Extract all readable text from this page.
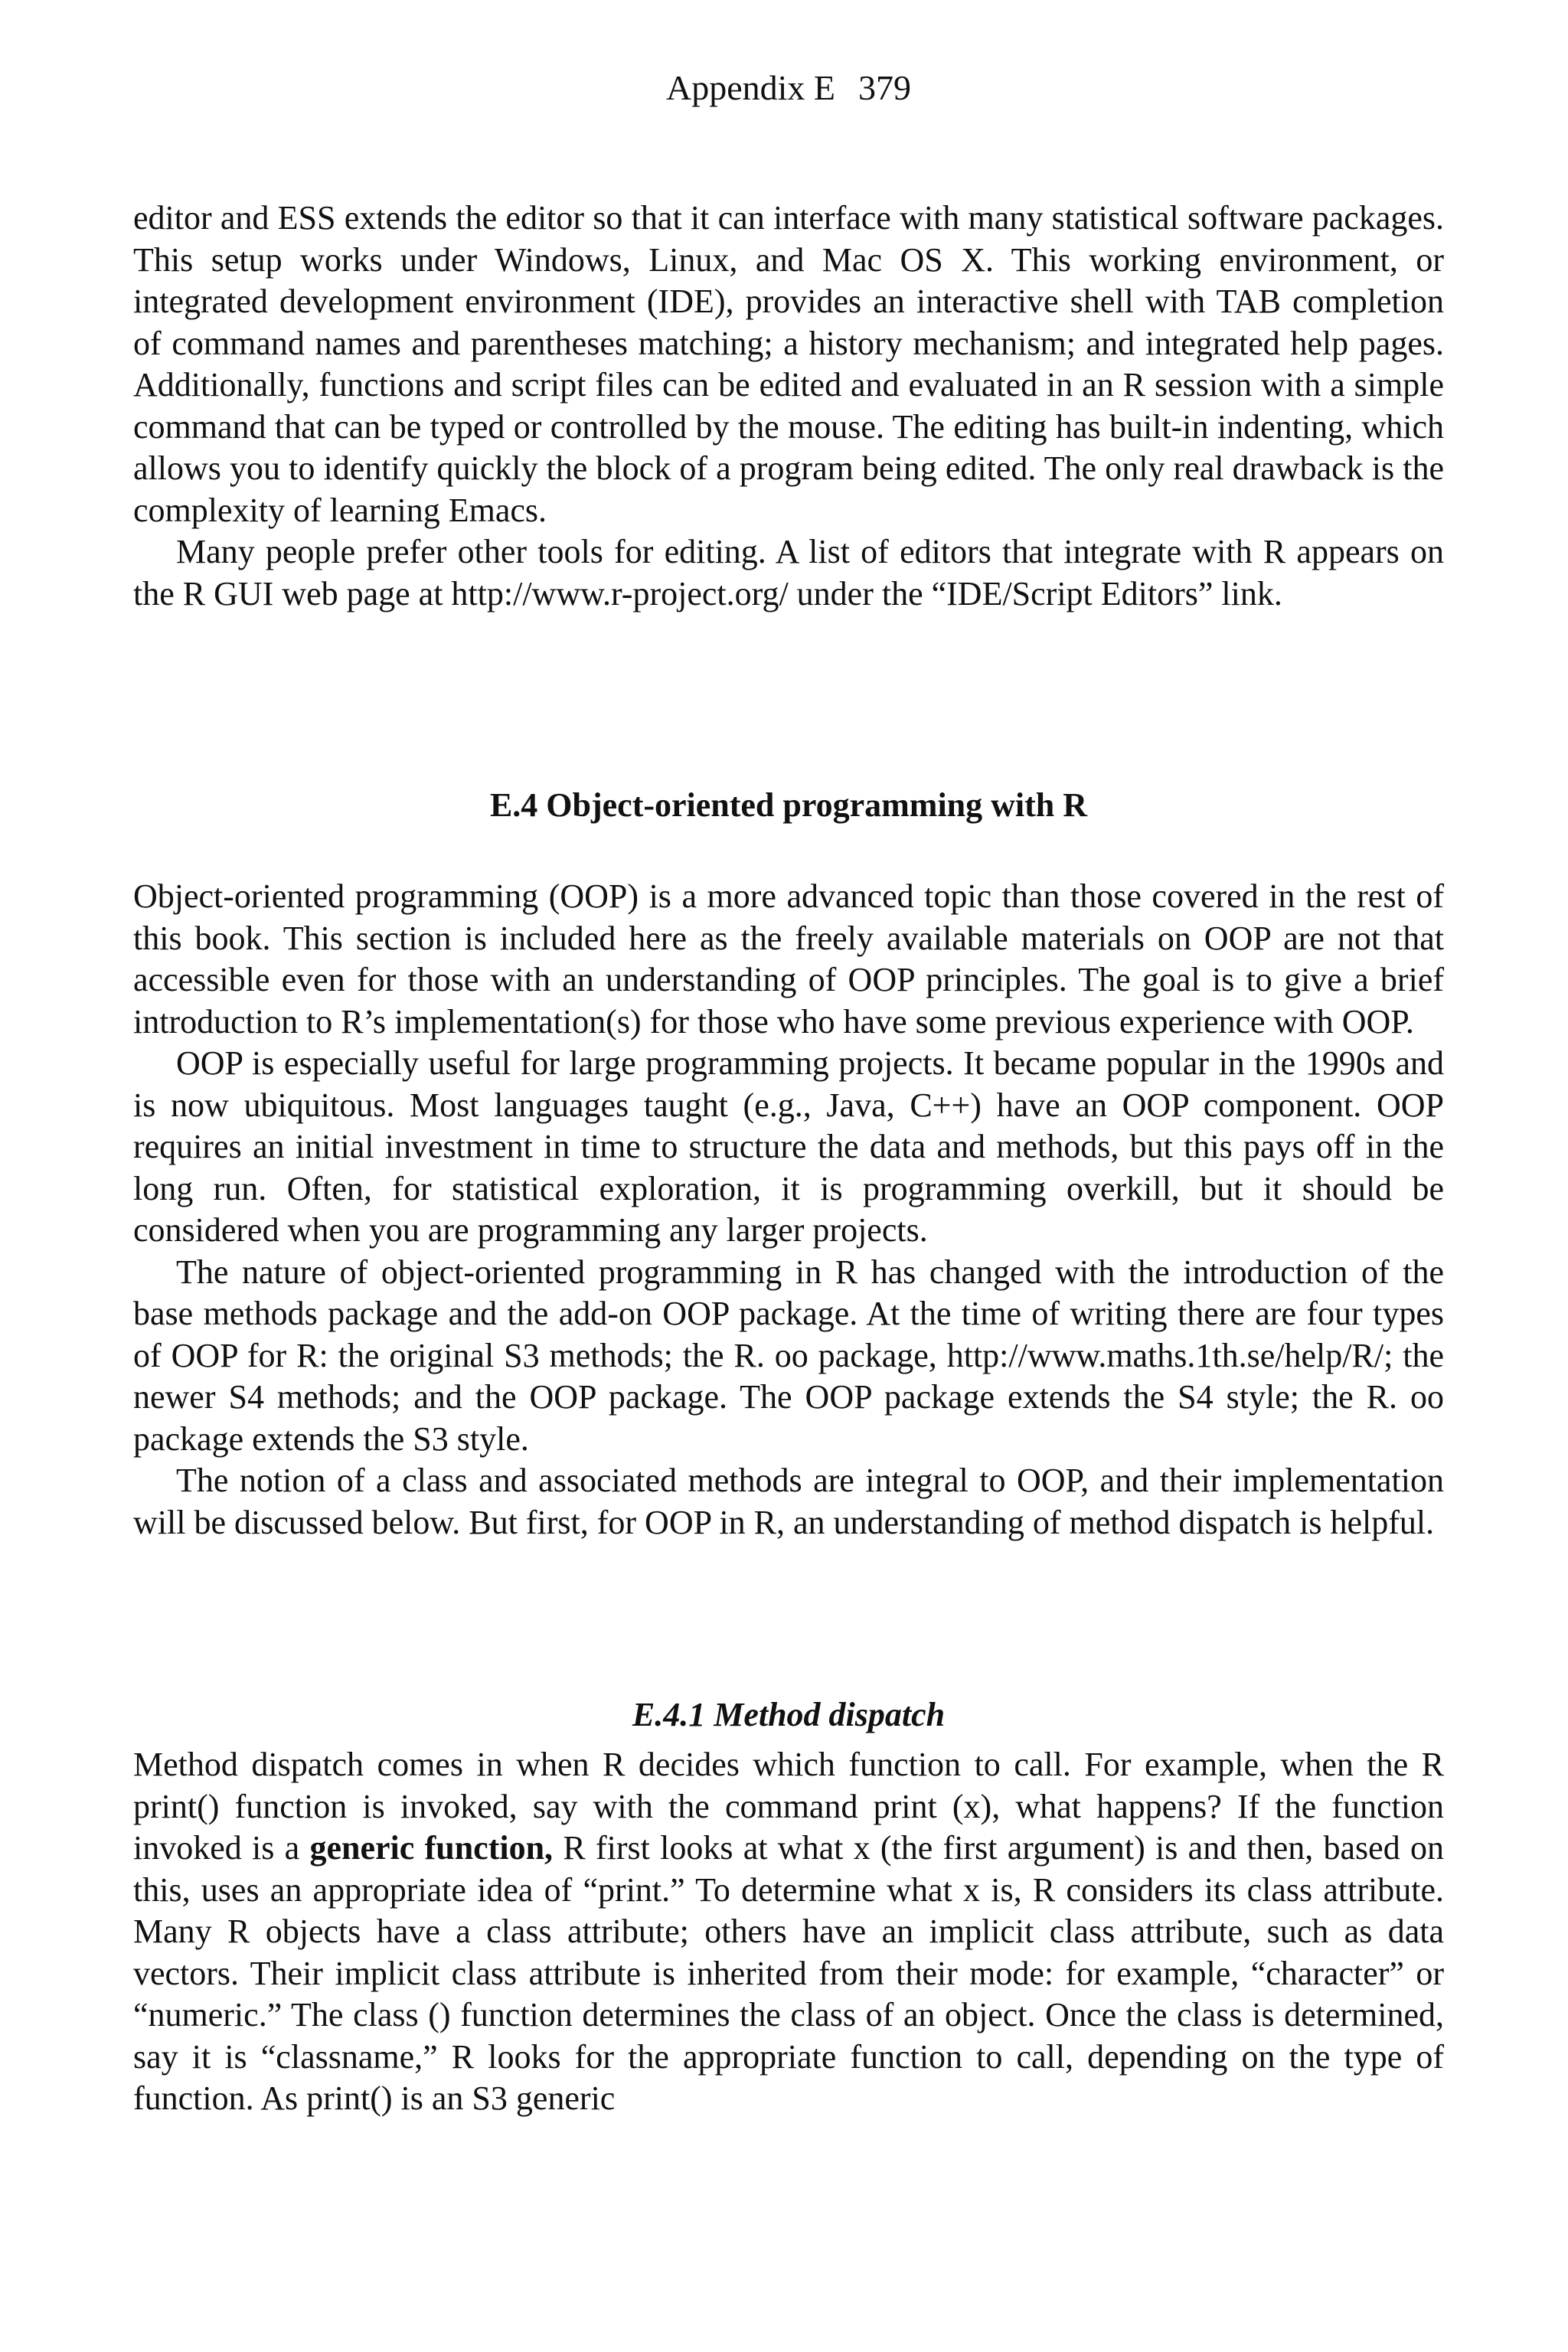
Appendix E 379

editor and ESS extends the editor so that it can interface with many statistical software packages. This setup works under Windows, Linux, and Mac OS X. This working environment, or integrated development environment (IDE), provides an interactive shell with TAB completion of command names and parentheses matching; a history mechanism; and integrated help pages. Additionally, functions and script files can be edited and evaluated in an R session with a simple command that can be typed or controlled by the mouse. The editing has built-in indenting, which allows you to identify quickly the block of a program being edited. The only real drawback is the complexity of learning Emacs.

Many people prefer other tools for editing. A list of editors that integrate with R appears on the R GUI web page at http://www.r-project.org/ under the “IDE/Script Editors” link.

E.4 Object-oriented programming with R

Object-oriented programming (OOP) is a more advanced topic than those covered in the rest of this book. This section is included here as the freely available materials on OOP are not that accessible even for those with an understanding of OOP principles. The goal is to give a brief introduction to R’s implementation(s) for those who have some previous experience with OOP.

OOP is especially useful for large programming projects. It became popular in the 1990s and is now ubiquitous. Most languages taught (e.g., Java, C++) have an OOP component. OOP requires an initial investment in time to structure the data and methods, but this pays off in the long run. Often, for statistical exploration, it is programming overkill, but it should be considered when you are programming any larger projects.

The nature of object-oriented programming in R has changed with the introduction of the base methods package and the add-on OOP package. At the time of writing there are four types of OOP for R: the original S3 methods; the R. oo package, http://www.maths.1th.se/help/R/; the newer S4 methods; and the OOP package. The OOP package extends the S4 style; the R. oo package extends the S3 style.

The notion of a class and associated methods are integral to OOP, and their implementation will be discussed below. But first, for OOP in R, an understanding of method dispatch is helpful.

E.4.1 Method dispatch

Method dispatch comes in when R decides which function to call. For example, when the R print() function is invoked, say with the command print (x), what happens? If the function invoked is a generic function, R first looks at what x (the first argument) is and then, based on this, uses an appropriate idea of “print.” To determine what x is, R considers its class attribute. Many R objects have a class attribute; others have an implicit class attribute, such as data vectors. Their implicit class attribute is inherited from their mode: for example, “character” or “numeric.” The class () function determines the class of an object. Once the class is determined, say it is “classname,” R looks for the appropriate function to call, depending on the type of function. As print() is an S3 generic
